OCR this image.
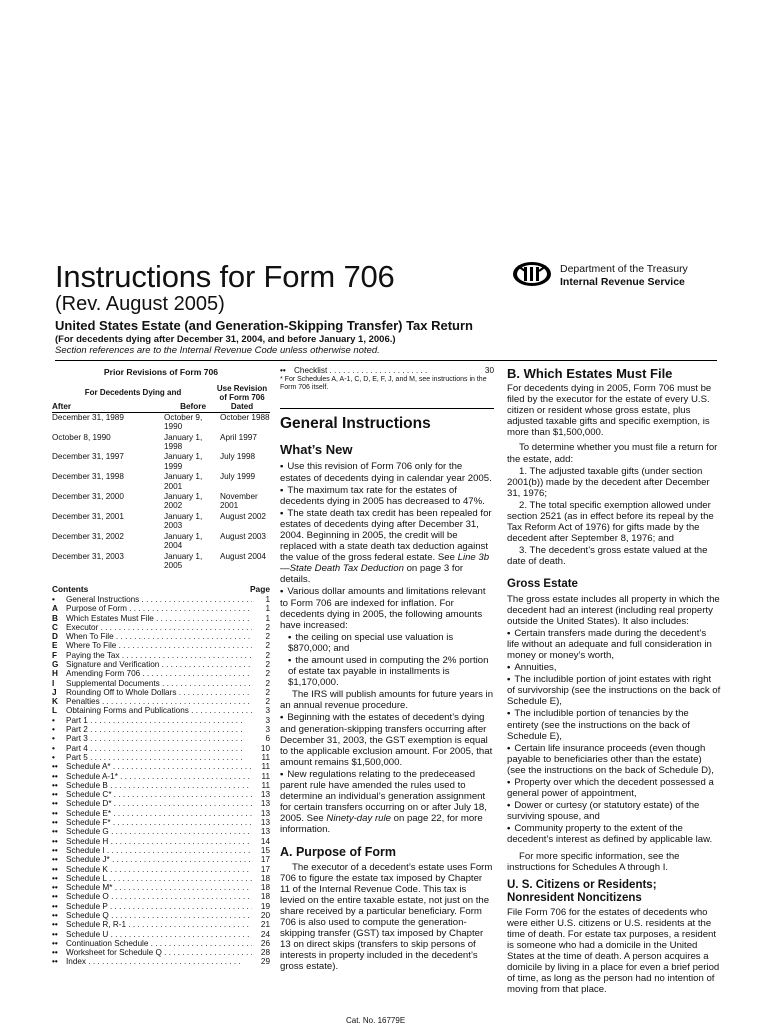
Instructions for Form 706
(Rev. August 2005)
Department of the Treasury
Internal Revenue Service
United States Estate (and Generation-Skipping Transfer) Tax Return
(For decedents dying after December 31, 2004, and before January 1, 2006.)
Section references are to the Internal Revenue Code unless otherwise noted.
Prior Revisions of Form 706
For Decedents Dying and		Use Revision of Form 706 Dated
After	Before	
December 31, 1989	October 9, 1990	October 1988
October 8, 1990	January 1, 1998	April 1997
December 31, 1997	January 1, 1999	July 1998
December 31, 1998	January 1, 2001	July 1999
December 31, 2000	January 1, 2002	November 2001
December 31, 2001	January 1, 2003	August 2002
December 31, 2002	January 1, 2004	August 2003
December 31, 2003	January 1, 2005	August 2004
Contents	Page
•	General Instructions . . .	1
A Purpose of Form . . .	1
B Which Estates Must File . . .	1
C Executor . . .	2
D When To File . . .	2
E	Where To File . . .	2
F	Paying the Tax . . .	2
G Signature and Verification . . .	2
H Amending Form 706 . . .	2
I	Supplemental Documents . . .	2
J	Rounding Off to Whole Dollars . . .	2
K Penalties . . .	2
L	Obtaining Forms and Publications . . .	3
•	Part 1 . . .	3
•	Part 2 . . .	3
•	Part 3 . . .	6
•	Part 4 . . .	10
•	Part 5 . . .	11
••	Schedule A* . . .	11
••	Schedule A-1* . . .	11
••	Schedule B . . .	11
••	Schedule C* . . .	13
••	Schedule D* . . .	13
••	Schedule E* . . .	13
••	Schedule F* . . .	13
••	Schedule G . . .	13
••	Schedule H . . .	14
••	Schedule I . . .	15
••	Schedule J* . . .	17
••	Schedule K . . .	17
••	Schedule L . . .	18
••	Schedule M* . . .	18
••	Schedule O . . .	18
••	Schedule P . . .	19
••	Schedule Q . . .	20
••	Schedule R, R-1 . . .	21
••	Schedule U . . .	24
••	Continuation Schedule . . .	26
••	Worksheet for Schedule Q . . .	28
••	Index . . .	29
••	Checklist . . .	30
* For Schedules A, A-1, C, D, E, F, J, and M, see instructions in the Form 706 itself.
General Instructions
What’s New

• Use this revision of Form 706 only for the estates of decedents dying in calendar year 2005.

• The maximum tax rate for the estates of decedents dying in 2005 has decreased to 47%.

• The state death tax credit has been repealed for estates of decedents dying after December 31, 2004. Beginning in 2005, the credit will be replaced with a state death tax deduction against the value of the gross federal estate. See Line 3b—State Death Tax Deduction on page 3 for details.

• Various dollar amounts and limitations relevant to Form 706 are indexed for inflation. For decedents dying in 2005, the following amounts have increased:

• the ceiling on special use valuation is $870,000; and

• the amount used in computing the 2% portion of estate tax payable in installments is $1,170,000.

The IRS will publish amounts for future years in an annual revenue procedure.

• Beginning with the estates of decedent’s dying and generation-skipping transfers occurring after December 31, 2003, the GST exemption is equal to the applicable exclusion amount. For 2005, that amount remains $1,500,000.

• New regulations relating to the predeceased parent rule have amended the rules used to determine an individual’s generation assignment for certain transfers occurring on or after July 18, 2005. See Ninety-day rule on page 22, for more information.

A. Purpose of Form

The executor of a decedent’s estate uses Form 706 to figure the estate tax imposed by Chapter 11 of the Internal Revenue Code. This tax is levied on the entire taxable estate, not just on the share received by a particular beneficiary. Form 706 is also used to compute the generation-skipping transfer (GST) tax imposed by Chapter 13 on direct skips (transfers to skip persons of interests in property included in the decedent’s gross estate).

B. Which Estates Must File

For decedents dying in 2005, Form 706 must be filed by the executor for the estate of every U.S. citizen or resident whose gross estate, plus adjusted taxable gifts and specific exemption, is more than $1,500,000.

To determine whether you must file a return for the estate, add:

1. The adjusted taxable gifts (under section 2001(b)) made by the decedent after December 31, 1976;

2. The total specific exemption allowed under section 2521 (as in effect before its repeal by the Tax Reform Act of 1976) for gifts made by the decedent after September 8, 1976; and

3. The decedent’s gross estate valued at the date of death.

Gross Estate

The gross estate includes all property in which the decedent had an interest (including real property outside the United States). It also includes:

• Certain transfers made during the decedent’s life without an adequate and full consideration in money or money’s worth,

• Annuities,

• The includible portion of joint estates with right of survivorship (see the instructions on the back of Schedule E),

• The includible portion of tenancies by the entirety (see the instructions on the back of Schedule E),

• Certain life insurance proceeds (even though payable to beneficiaries other than the estate) (see the instructions on the back of Schedule D),

• Property over which the decedent possessed a general power of appointment,

• Dower or curtesy (or statutory estate) of the surviving spouse, and

• Community property to the extent of the decedent’s interest as defined by applicable law.

For more specific information, see the instructions for Schedules A through I.

U. S. Citizens or Residents;
Nonresident Noncitizens

File Form 706 for the estates of decedents who were either U.S. citizens or U.S. residents at the time of death. For estate tax purposes, a resident is someone who had a domicile in the United States at the time of death. A person acquires a domicile by living in a place for even a brief period of time, as long as the person had no intention of moving from that place.

Cat. No. 16779E
